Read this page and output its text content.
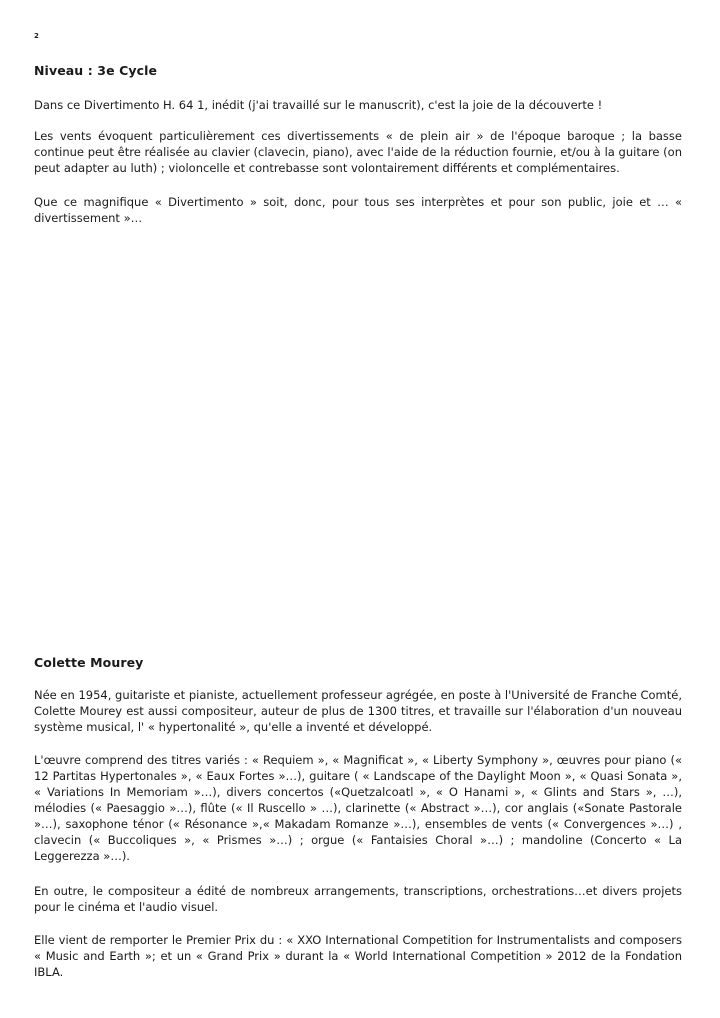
2
Niveau : 3e Cycle
Dans ce Divertimento H. 64 1, inédit (j'ai travaillé sur le manuscrit), c'est la joie de la découverte !
Les vents évoquent particulièrement ces divertissements « de plein air » de l'époque baroque ; la basse continue peut être réalisée au clavier (clavecin, piano), avec l'aide de la réduction fournie, et/ou à la guitare (on peut adapter au luth) ; violoncelle et contrebasse sont volontairement différents et complémentaires.
Que ce magnifique « Divertimento » soit, donc, pour tous ses interprètes et pour son public, joie et … « divertissement »…
Colette Mourey
Née en 1954, guitariste et pianiste, actuellement professeur agrégée, en poste à l'Université de Franche Comté, Colette Mourey est aussi compositeur, auteur de plus de 1300 titres, et travaille sur l'élaboration d'un nouveau système musical, l' « hypertonalité », qu'elle a inventé et développé.
L'œuvre comprend des titres variés : « Requiem », « Magnificat », « Liberty Symphony », œuvres pour piano (« 12 Partitas Hypertonales », « Eaux Fortes »…), guitare ( « Landscape of the Daylight Moon », « Quasi Sonata », « Variations In Memoriam »…), divers concertos («Quetzalcoatl », « O Hanami », « Glints and Stars », …), mélodies (« Paesaggio »…), flûte (« Il Ruscello » …), clarinette (« Abstract »…), cor anglais («Sonate Pastorale »…), saxophone ténor (« Résonance »,« Makadam Romanze »…), ensembles de vents (« Convergences »…) , clavecin (« Buccoliques », « Prismes »…) ; orgue (« Fantaisies Choral »…) ; mandoline (Concerto « La Leggerezza »…).
En outre, le compositeur a édité de nombreux arrangements, transcriptions, orchestrations…et divers projets pour le cinéma et l'audio visuel.
Elle vient de remporter le Premier Prix du : « XXO International Competition for Instrumentalists and composers « Music and Earth »; et un « Grand Prix » durant la « World International Competition » 2012 de la Fondation IBLA.
